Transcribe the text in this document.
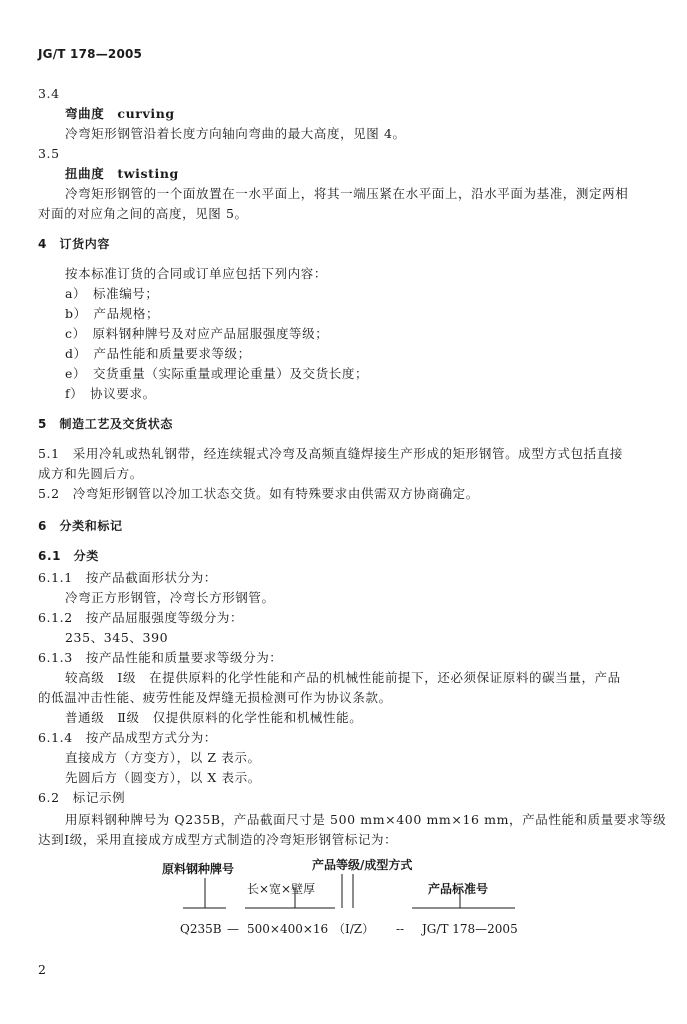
JG/T 178—2005
3.4
弯曲度　curving
冷弯矩形钢管沿着长度方向轴向弯曲的最大高度，见图 4。
3.5
扭曲度　twisting
冷弯矩形钢管的一个面放置在一水平面上，将其一端压紧在水平面上，沿水平面为基准，测定两相
对面的对应角之间的高度，见图 5。
4　订货内容
按本标准订货的合同或订单应包括下列内容：
a）　标准编号；
b）　产品规格；
c）　原料钢种牌号及对应产品屈服强度等级；
d）　产品性能和质量要求等级；
e）　交货重量（实际重量或理论重量）及交货长度；
f）　协议要求。
5　制造工艺及交货状态
5.1　采用冷轧或热轧钢带，经连续辊式冷弯及高频直缝焊接生产形成的矩形钢管。成型方式包括直接
成方和先圆后方。
5.2　冷弯矩形钢管以冷加工状态交货。如有特殊要求由供需双方协商确定。
6　分类和标记
6.1　分类
6.1.1　按产品截面形状分为：
冷弯正方形钢管，冷弯长方形钢管。
6.1.2　按产品屈服强度等级分为：
235、345、390
6.1.3　按产品性能和质量要求等级分为：
较高级　Ⅰ级　在提供原料的化学性能和产品的机械性能前提下，还必须保证原料的碳当量，产品
的低温冲击性能、疲劳性能及焊缝无损检测可作为协议条款。
普通级　Ⅱ级　仅提供原料的化学性能和机械性能。
6.1.4　按产品成型方式分为：
直接成方（方变方），以 Z 表示。
先圆后方（圆变方），以 X 表示。
6.2　标记示例
用原料钢种牌号为 Q235B，产品截面尺寸是 500 mm×400 mm×16 mm，产品性能和质量要求等级
达到Ⅰ级，采用直接成方成型方式制造的冷弯矩形钢管标记为：
原料钢种牌号	产品等级/成型方式
长×宽×壁厚	产品标准号
Q235B — 500×400×16 （Ⅰ/Z） -- JG/T 178—2005
2
